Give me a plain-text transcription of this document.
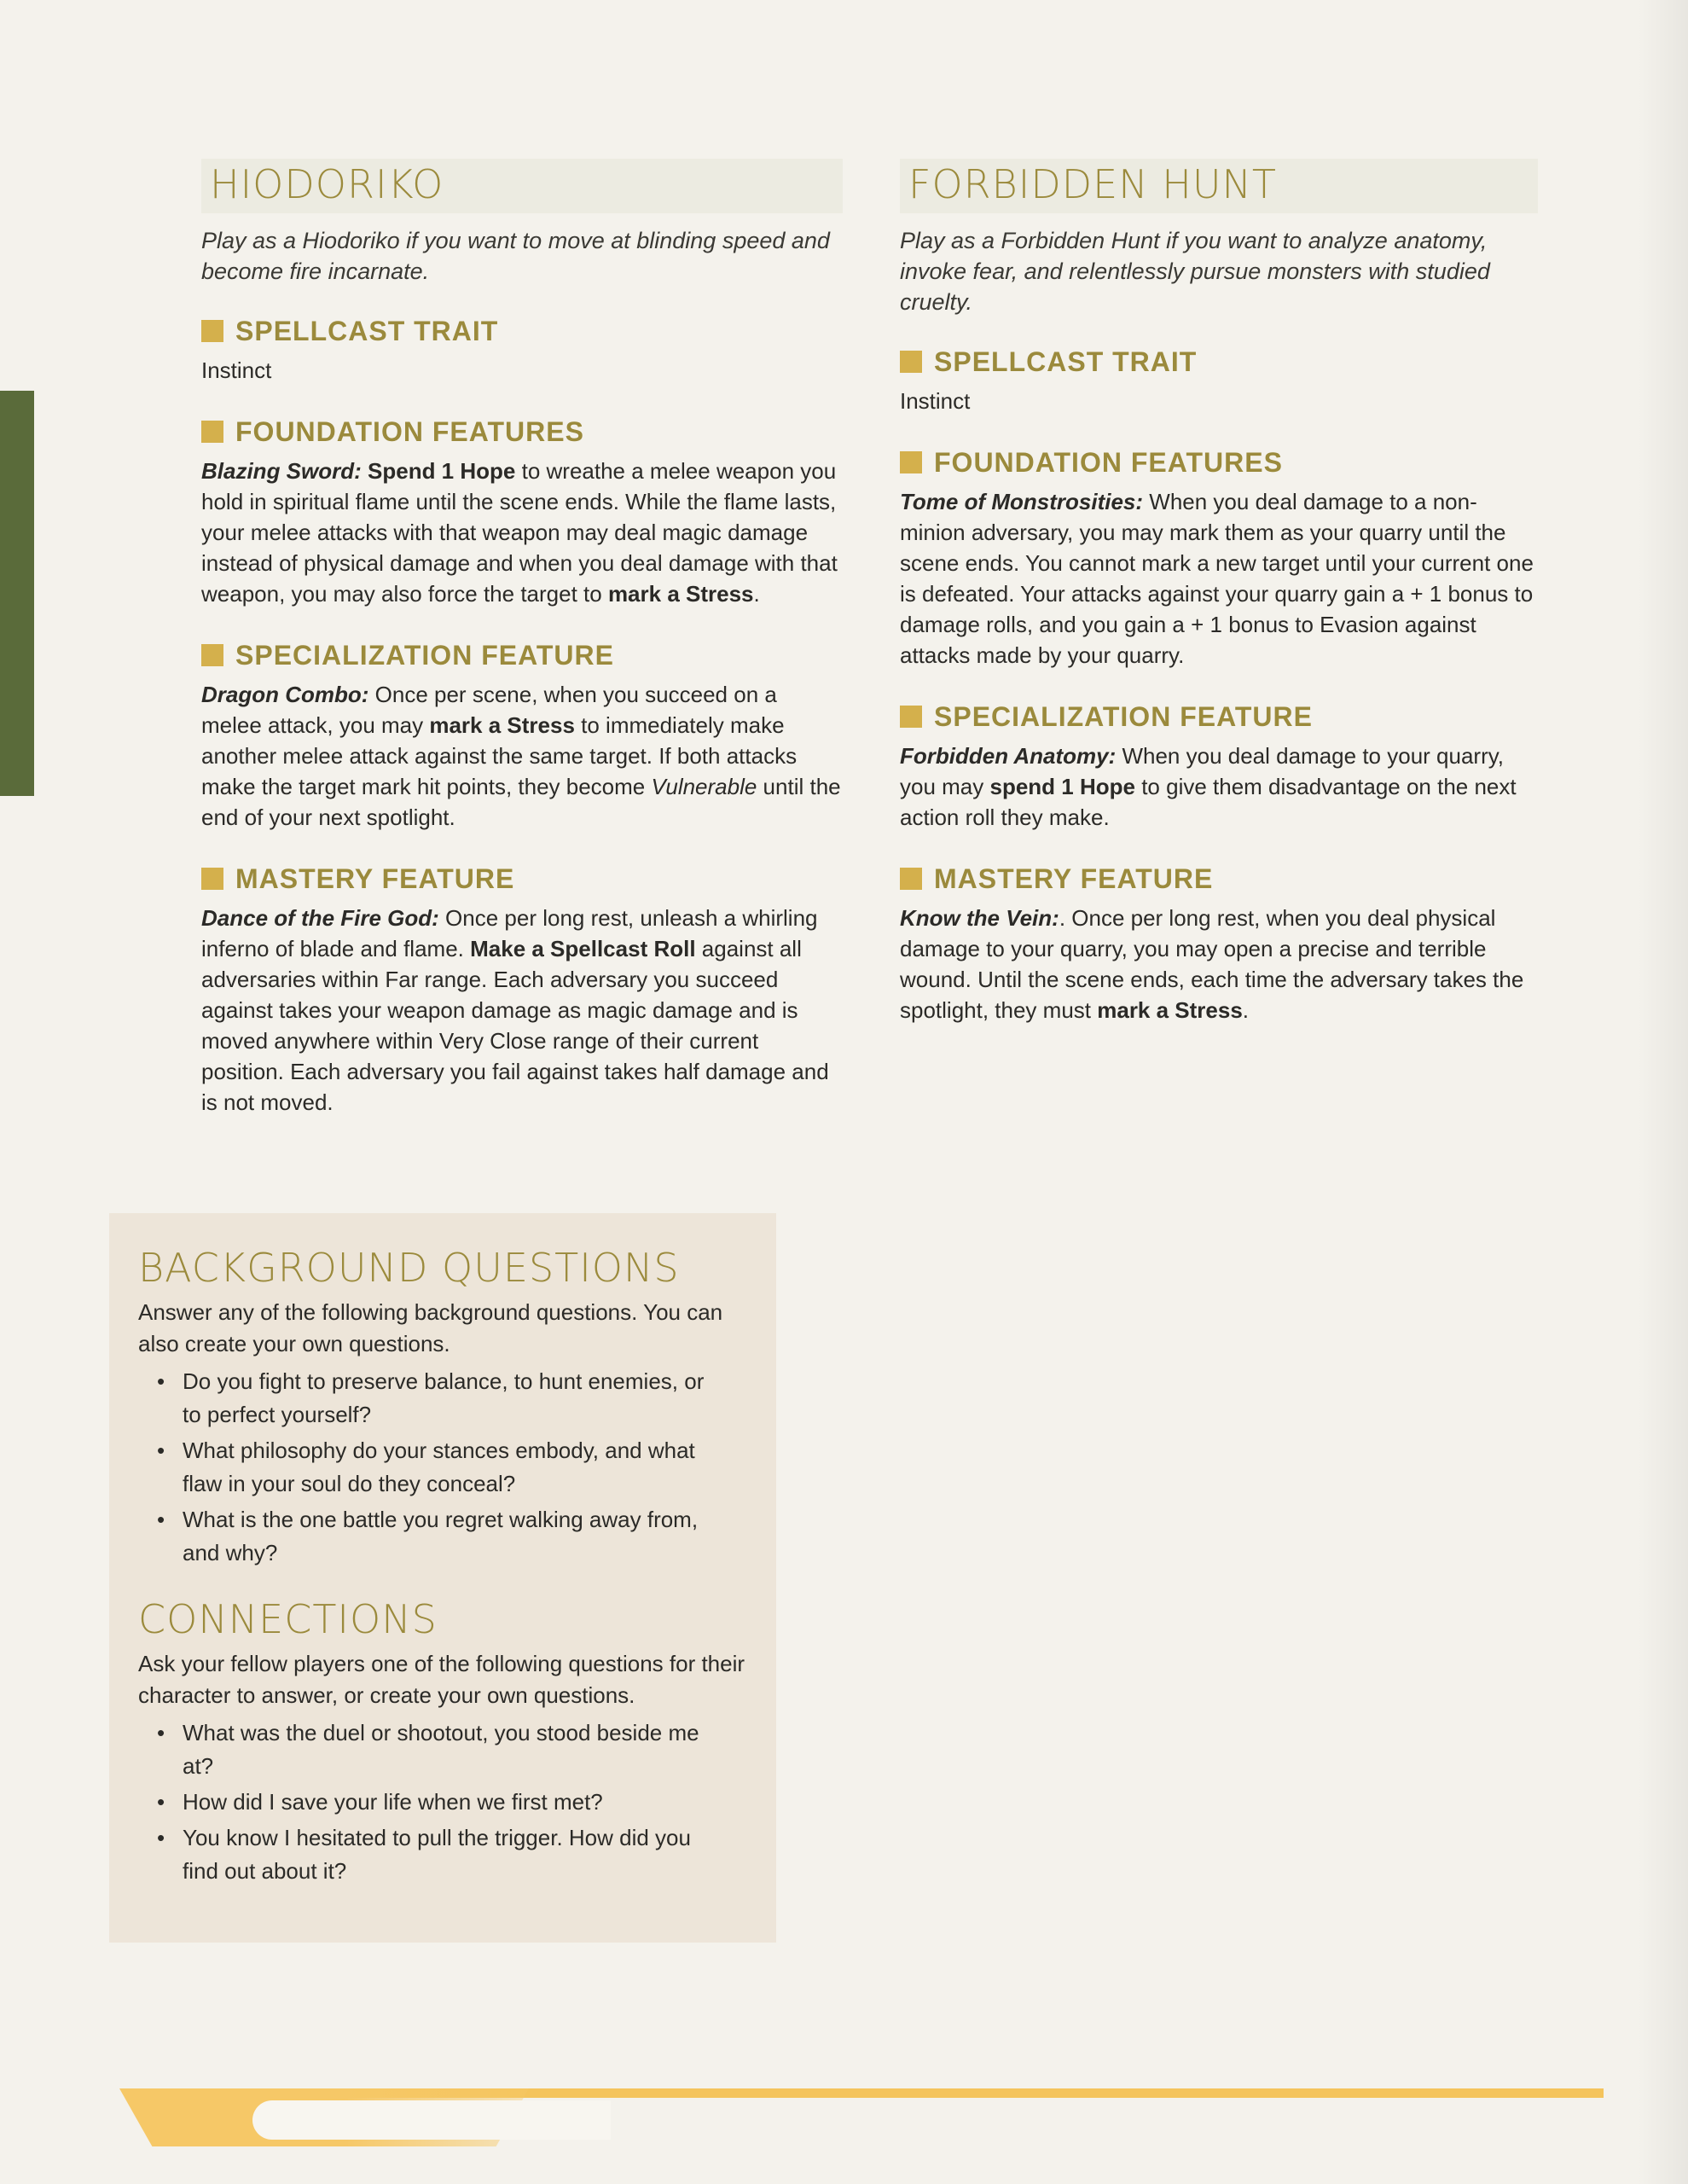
HIODORIKO

Play as a Hiodoriko if you want to move at blinding speed and become fire incarnate.

SPELLCAST TRAIT

Instinct

FOUNDATION FEATURES

Blazing Sword: Spend 1 Hope to wreathe a melee weapon you hold in spiritual flame until the scene ends. While the flame lasts, your melee attacks with that weapon may deal magic damage instead of physical damage and when you deal damage with that weapon, you may also force the target to mark a Stress.

SPECIALIZATION FEATURE

Dragon Combo: Once per scene, when you succeed on a melee attack, you may mark a Stress to immediately make another melee attack against the same target. If both attacks make the target mark hit points, they become Vulnerable until the end of your next spotlight.

MASTERY FEATURE

Dance of the Fire God: Once per long rest, unleash a whirling inferno of blade and flame. Make a Spellcast Roll against all adversaries within Far range. Each adversary you succeed against takes your weapon damage as magic damage and is moved anywhere within Very Close range of their current position. Each adversary you fail against takes half damage and is not moved.

FORBIDDEN HUNT

Play as a Forbidden Hunt if you want to analyze anatomy, invoke fear, and relentlessly pursue monsters with studied cruelty.

SPELLCAST TRAIT

Instinct

FOUNDATION FEATURES

Tome of Monstrosities: When you deal damage to a non-minion adversary, you may mark them as your quarry until the scene ends. You cannot mark a new target until your current one is defeated. Your attacks against your quarry gain a + 1 bonus to damage rolls, and you gain a + 1 bonus to Evasion against attacks made by your quarry.

SPECIALIZATION FEATURE

Forbidden Anatomy: When you deal damage to your quarry, you may spend 1 Hope to give them disadvantage on the next action roll they make.

MASTERY FEATURE

Know the Vein:. Once per long rest, when you deal physical damage to your quarry, you may open a precise and terrible wound. Until the scene ends, each time the adversary takes the spotlight, they must mark a Stress.

BACKGROUND QUESTIONS

Answer any of the following background questions. You can also create your own questions.

• Do you fight to preserve balance, to hunt enemies, or to perfect yourself?
• What philosophy do your stances embody, and what flaw in your soul do they conceal?
• What is the one battle you regret walking away from, and why?
CONNECTIONS

Ask your fellow players one of the following questions for their character to answer, or create your own questions.

• What was the duel or shootout, you stood beside me at?
• How did I save your life when we first met?
• You know I hesitated to pull the trigger. How did you find out about it?
